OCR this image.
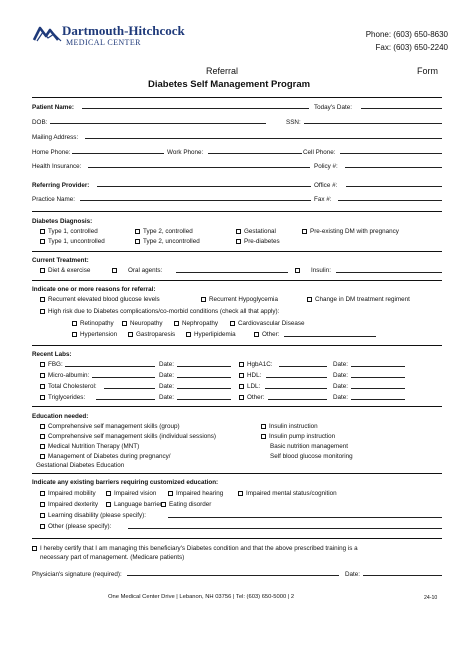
Dartmouth-Hitchcock
MEDICAL CENTER
Phone: (603) 650-8630
Fax: (603) 650-2240
Referral	Form
Diabetes Self Management Program
Patient Name:	Today's Date:
DOB:	SSN:
Mailing Address:
Home Phone:	Work Phone:	Cell Phone:
Health Insurance:	Policy #:
Referring Provider:	Office #:
Practice Name:	Fax #:
Diabetes Diagnosis:
Type 1, controlled	Type 2, controlled	Gestational	Pre-existing DM with pregnancy
Type 1, uncontrolled	Type 2, uncontrolled	Pre-diabetes
Current Treatment:
Diet & exercise	Oral agents:	Insulin:
Indicate one or more reasons for referral:
Recurrent elevated blood glucose levels	Recurrent Hypoglycemia	Change in DM treatment regiment
High risk due to Diabetes complications/co-morbid conditions (check all that apply):
Retinopathy	Neuropathy	Nephropathy	Cardiovascular Disease
Hypertension	Gastroparesis	Hyperlipidemia	Other:
Recent Labs:
FBG:	Date:	HgbA1C:	Date:
Micro-albumin:	Date:	HDL:	Date:
Total Cholesterol:	Date:	LDL:	Date:
Triglycerides:	Date:	Other:	Date:
Education needed:
Comprehensive self management skills (group)	Insulin instruction
Comprehensive self management skills (individual sessions)	Insulin pump instruction
Medical Nutrition Therapy (MNT)	Basic nutrition management
Management of Diabetes during pregnancy/	Self blood glucose monitoring
Gestational Diabetes Education
Indicate any existing barriers requiring customized education:
Impaired mobility	Impaired vision	Impaired hearing	Impaired mental status/cognition
Impaired dexterity	Language barrier	Eating disorder
Learning disability (please specify):
Other (please specify):
I hereby certify that I am managing this beneficiary's Diabetes condition and that the above prescribed training is a
necessary part of management. (Medicare patients)
Physician's signature (required):	Date:
One Medical Center Drive | Lebanon, NH 03756 | Tel: (603) 650-5000 | 2	24-10
